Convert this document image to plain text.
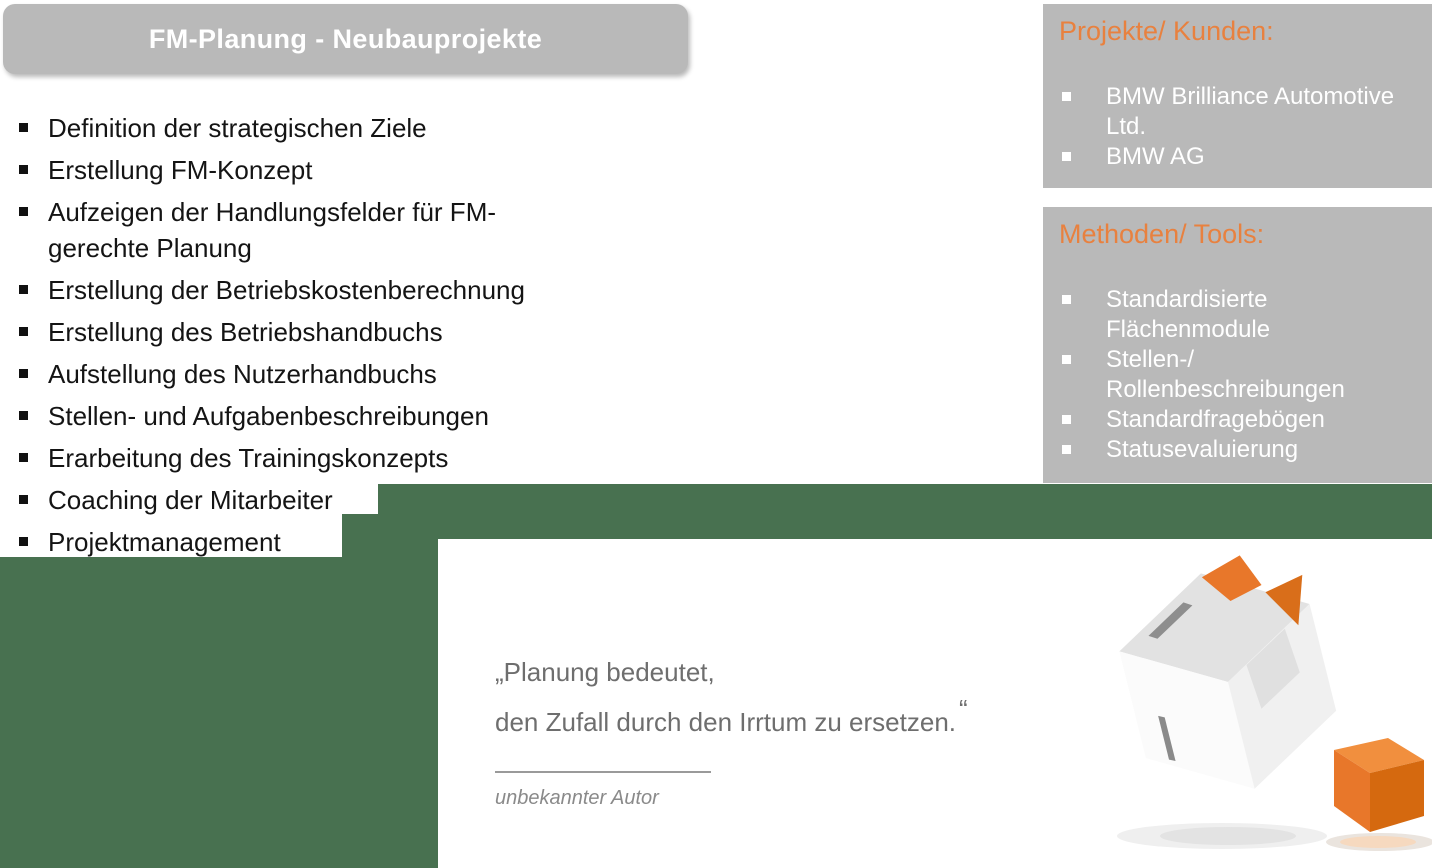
FM-Planung - Neubauprojekte
Definition der strategischen Ziele
Erstellung FM-Konzept
Aufzeigen der Handlungsfelder für FM-
gerechte Planung
Erstellung der Betriebskostenberechnung
Erstellung des Betriebshandbuchs
Aufstellung des Nutzerhandbuchs
Stellen- und Aufgabenbeschreibungen
Erarbeitung des Trainingskonzepts
Coaching der Mitarbeiter
Projektmanagement
Projekte/ Kunden:
BMW Brilliance Automotive
Ltd.
BMW AG
Methoden/ Tools:
Standardisierte
Flächenmodule
Stellen-/
Rollenbeschreibungen
Standardfragebögen
Statusevaluierung
„Planung bedeutet,
den Zufall durch den Irrtum zu ersetzen. “
unbekannter Autor
